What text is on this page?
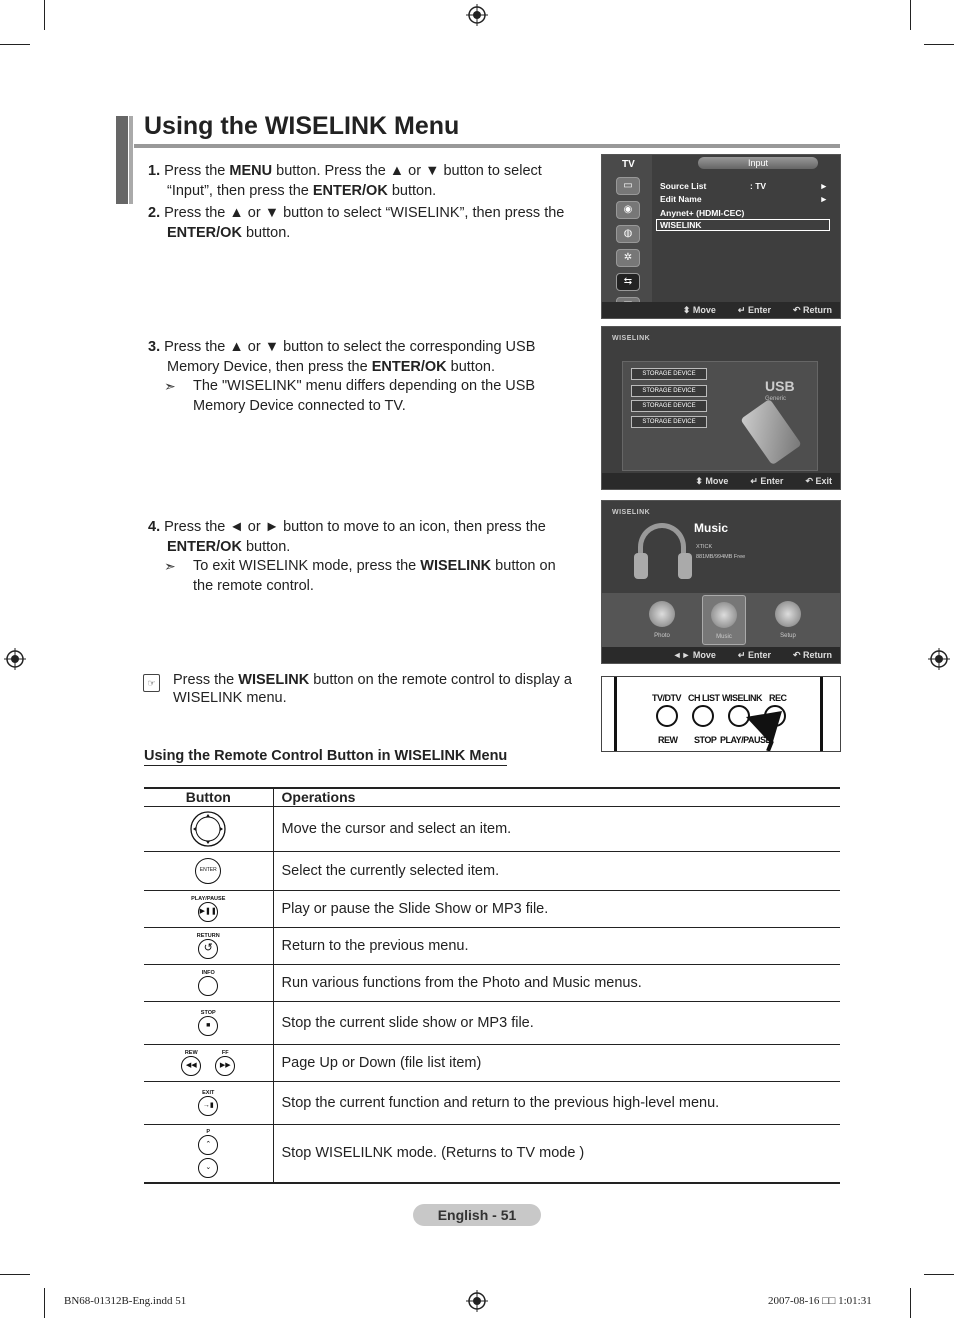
Using the WISELINK Menu
1. Press the MENU button. Press the ▲ or ▼ button to select
“Input”, then press the ENTER/OK button.
2. Press the ▲ or ▼ button to select “WISELINK”, then press the
ENTER/OK button.
TV
▭
◉
◍
✲
⇆
Input
Source List	: TV	►
Edit Name	►
Anynet+ (HDMI-CEC)
WISELINK
⬍ Move ↵ Enter ↶ Return
3. Press the ▲ or ▼ button to select the corresponding USB
Memory Device, then press the ENTER/OK button.
➣ The "WISELINK" menu differs depending on the USB
Memory Device connected to TV.
WISELINK
STORAGE DEVICE
STORAGE DEVICE
STORAGE DEVICE
STORAGE DEVICE
USB
Generic
⬍ Move ↵ Enter ↶ Exit
4. Press the ◄ or ► button to move to an icon, then press the
ENTER/OK button.
➣ To exit WISELINK mode, press the WISELINK button on
the remote control.
WISELINK
Music
XTICK
881MB/994MB Free
Photo	Music	Setup
◄► Move ↵ Enter ↶ Return
☞	Press the WISELINK button on the remote control to display a
WISELINK menu.	TV/DTV CH LIST WISELINK REC
REW STOP PLAY/PAUSE
Using the Remote Control Button in WISELINK Menu
Button	Operations
	Move the cursor and select an item.

ENTER	Select the currently selected item.

PLAY/PAUSE
▶❚❚	Play or pause the Slide Show or MP3 file.

RETURN
↺	Return to the previous menu.

INFO	Run various functions from the Photo and Music menus.

STOP
■	Stop the current slide show or MP3 file.

REW
◀◀

FF
▶▶	Page Up or Down (file list item)

EXIT
→▮	Stop the current function and return to the previous high-level menu.

P
⌃
⌄	Stop WISELILNK mode. (Returns to TV mode )
English - 51
BN68-01312B-Eng.indd 51	2007-08-16 □□ 1:01:31
